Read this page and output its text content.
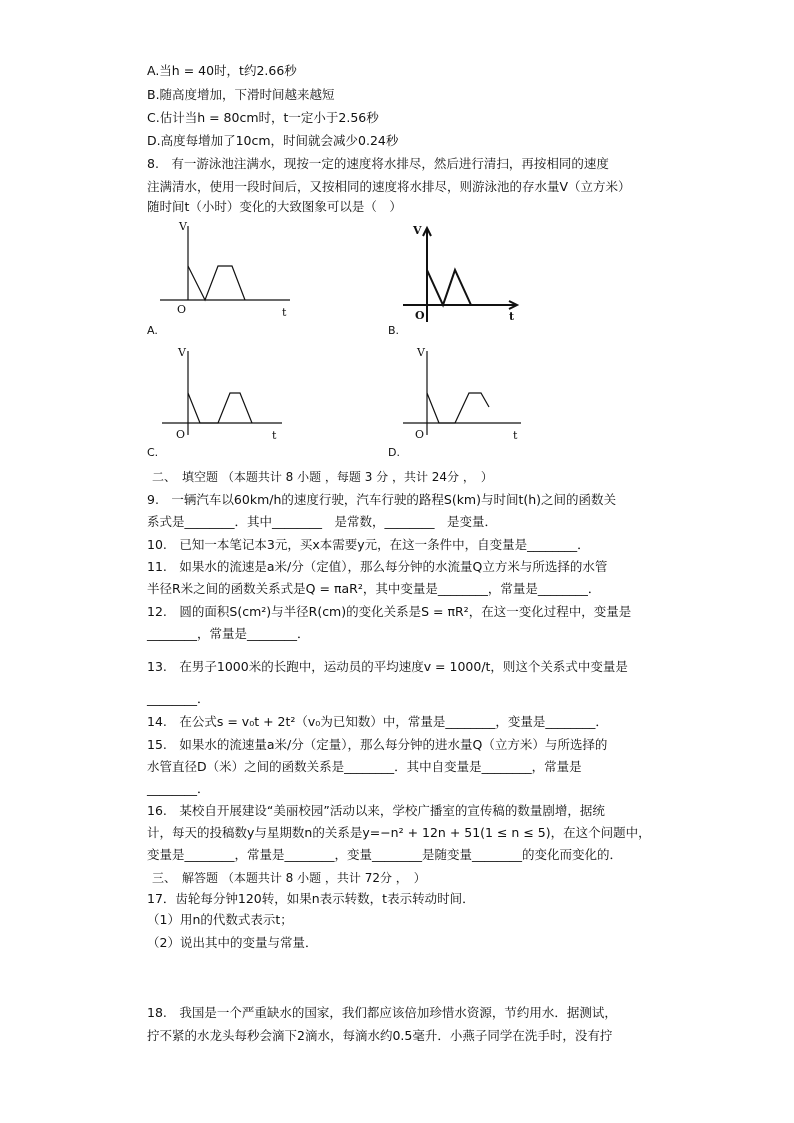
A.当h = 40时，t约2.66秒
B.随高度增加，下滑时间越来越短
C.估计当h = 80cm时，t一定小于2.56秒
D.高度每增加了10cm，时间就会减少0.24秒
8.　有一游泳池注满水，现按一定的速度将水排尽，然后进行清扫，再按相同的速度
注满清水，使用一段时间后，又按相同的速度将水排尽，则游泳池的存水量V（立方米）
随时间t（小时）变化的大致图象可以是（　）
V
O	t
A.
V
O	t
B.
V
O	t
C.
V
O	t
D.
二、　填空题 （本题共计 8 小题 ，每题 3 分 ，共计 24分 ，　）
9.　一辆汽车以60km/h的速度行驶，汽车行驶的路程S(km)与时间t(h)之间的函数关
系式是________．其中________　是常数，________　是变量．
10.　已知一本笔记本3元，买x本需要y元，在这一条件中，自变量是________．
11.　如果水的流速是a米/分（定值），那么每分钟的水流量Q立方米与所选择的水管
半径R米之间的函数关系式是Q = πaR²，其中变量是________，常量是________．
12.　圆的面积S(cm²)与半径R(cm)的变化关系是S = πR²，在这一变化过程中，变量是
________，常量是________．
13.　在男子1000米的长跑中，运动员的平均速度v = 1000/t，则这个关系式中变量是
________．
14.　在公式s = v₀t + 2t²（v₀为已知数）中，常量是________，变量是________．
15.　如果水的流速量a米/分（定量），那么每分钟的进水量Q（立方米）与所选择的
水管直径D（米）之间的函数关系是________．其中自变量是________，常量是
________．
16.　某校自开展建设“美丽校园”活动以来，学校广播室的宣传稿的数量剧增，据统
计，每天的投稿数y与星期数n的关系是y=−n² + 12n + 51(1 ≤ n ≤ 5)，在这个问题中，
变量是________，常量是________，变量________是随变量________的变化而变化的．
三、　解答题 （本题共计 8 小题 ，共计 72分 ，　）
17．齿轮每分钟120转，如果n表示转数，t表示转动时间．
（1）用n的代数式表示t；
（2）说出其中的变量与常量．
18.　我国是一个严重缺水的国家，我们都应该倍加珍惜水资源，节约用水．据测试，
拧不紧的水龙头每秒会滴下2滴水，每滴水约0.5毫升．小燕子同学在洗手时，没有拧
